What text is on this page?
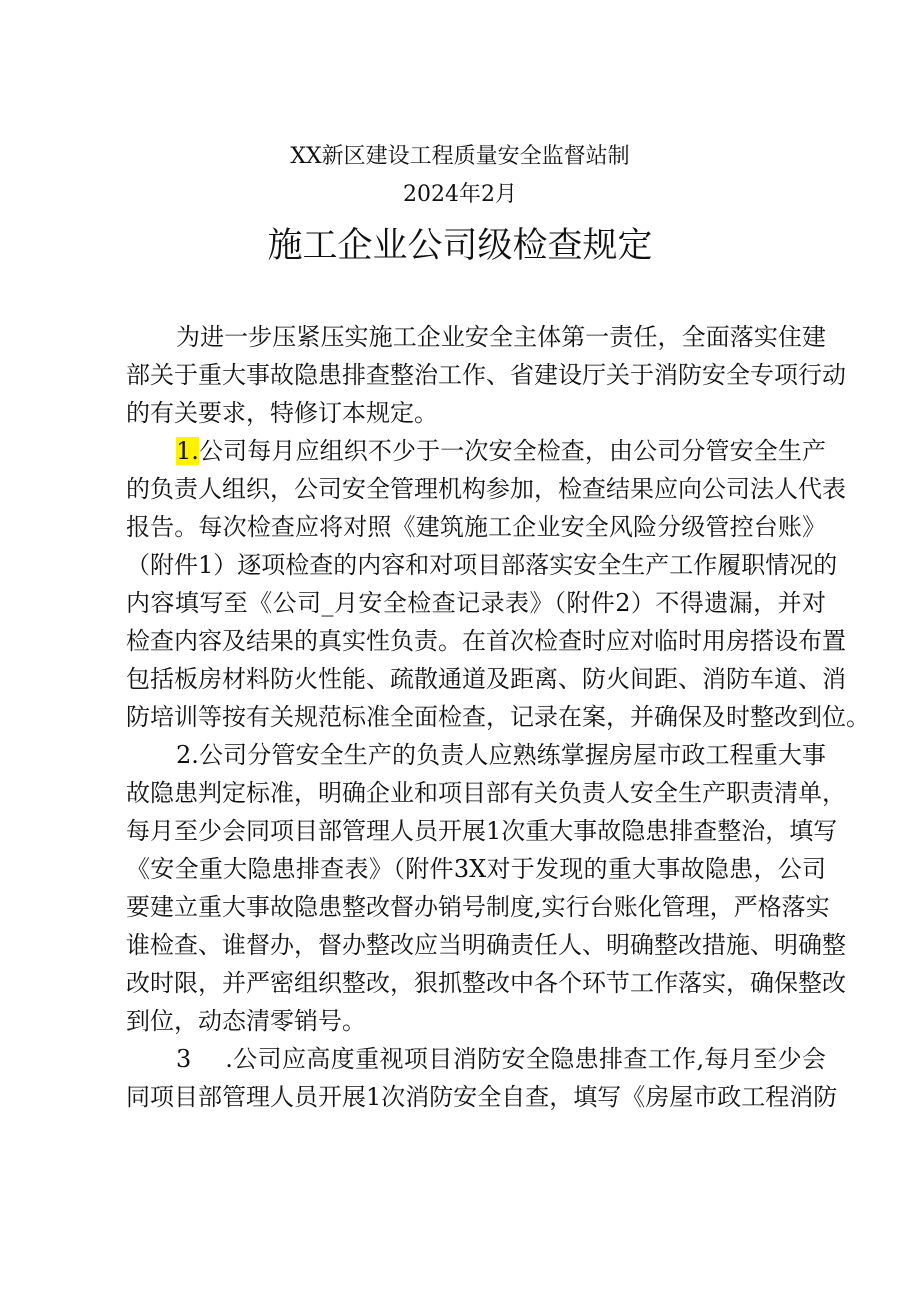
XX新区建设工程质量安全监督站制
2024年2月
施工企业公司级检查规定
为进一步压紧压实施工企业安全主体第一责任，全面落实住建
部关于重大事故隐患排查整治工作、省建设厅关于消防安全专项行动
的有关要求，特修订本规定。
1.公司每月应组织不少于一次安全检查，由公司分管安全生产
的负责人组织，公司安全管理机构参加，检查结果应向公司法人代表
报告。每次检查应将对照《建筑施工企业安全风险分级管控台账》
（附件1）逐项检查的内容和对项目部落实安全生产工作履职情况的
内容填写至《公司_月安全检查记录表》（附件2）不得遗漏，并对
检查内容及结果的真实性负责。在首次检查时应对临时用房搭设布置
包括板房材料防火性能、疏散通道及距离、防火间距、消防车道、消
防培训等按有关规范标准全面检查，记录在案，并确保及时整改到位。
2.公司分管安全生产的负责人应熟练掌握房屋市政工程重大事
故隐患判定标准，明确企业和项目部有关负责人安全生产职责清单，
每月至少会同项目部管理人员开展1次重大事故隐患排查整治，填写
《安全重大隐患排查表》（附件3X对于发现的重大事故隐患，公司
要建立重大事故隐患整改督办销号制度,实行台账化管理，严格落实
谁检查、谁督办，督办整改应当明确责任人、明确整改措施、明确整
改时限，并严密组织整改，狠抓整改中各个环节工作落实，确保整改
到位，动态清零销号。
3 .公司应高度重视项目消防安全隐患排查工作,每月至少会
同项目部管理人员开展1次消防安全自查，填写《房屋市政工程消防
